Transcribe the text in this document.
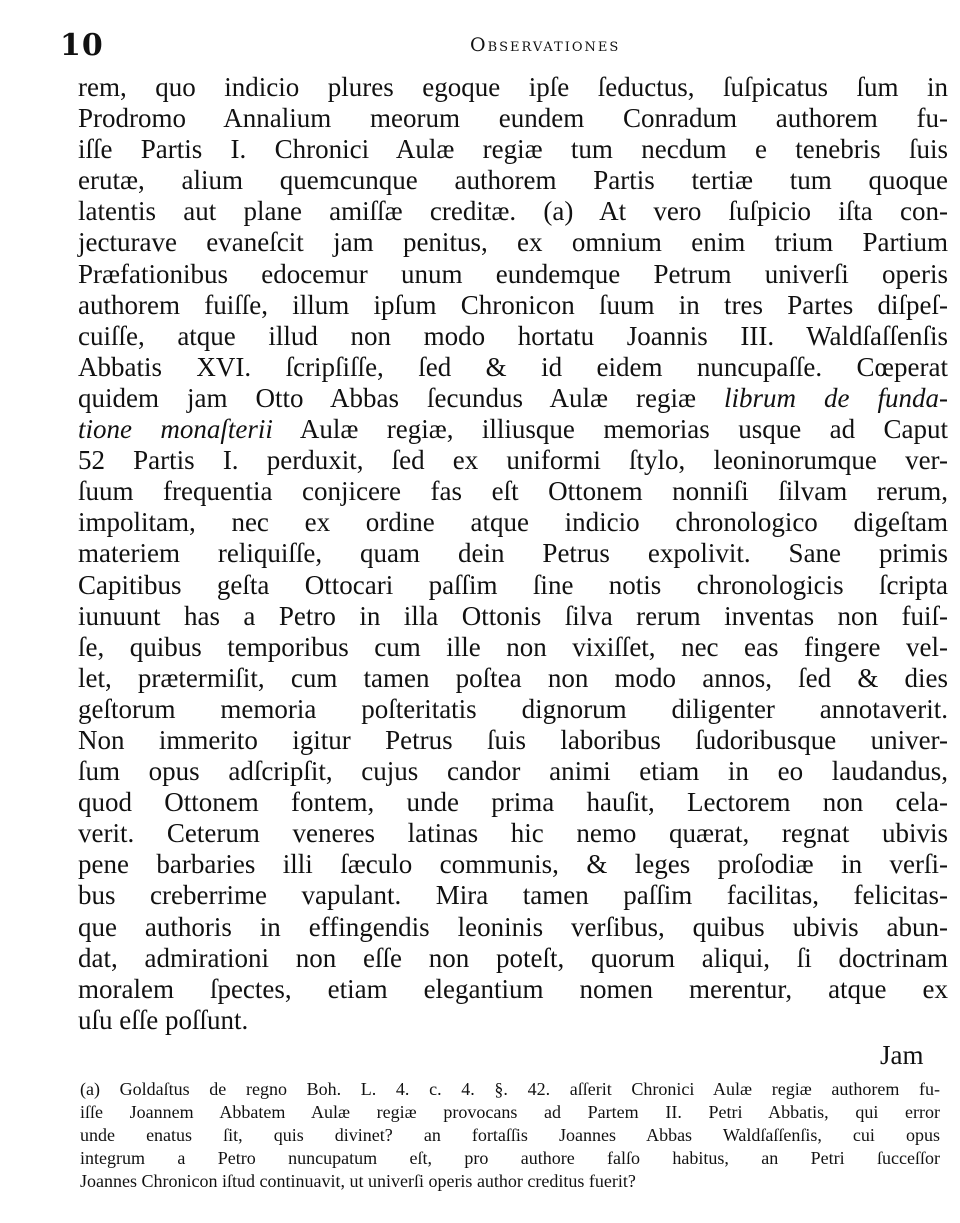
10	Observationes
rem, quo indicio plures egoque ipſe ſeductus, ſuſpicatus ſum in
Prodromo Annalium meorum eundem Conradum authorem fu-
iſſe Partis I. Chronici Aulæ regiæ tum necdum e tenebris ſuis
erutæ, alium quemcunque authorem Partis tertiæ tum quoque
latentis aut plane amiſſæ creditæ. (a) At vero ſuſpicio iſta con-
jecturave evaneſcit jam penitus, ex omnium enim trium Partium
Præfationibus edocemur unum eundemque Petrum univerſi operis
authorem fuiſſe, illum ipſum Chronicon ſuum in tres Partes diſpeſ-
cuiſſe, atque illud non modo hortatu Joannis III. Waldſaſſenſis
Abbatis XVI. ſcripſiſſe, ſed & id eidem nuncupaſſe. Cœperat
quidem jam Otto Abbas ſecundus Aulæ regiæ librum de funda-
tione monaſterii Aulæ regiæ, illiusque memorias usque ad Caput
52 Partis I. perduxit, ſed ex uniformi ſtylo, leoninorumque ver-
ſuum frequentia conjicere fas eſt Ottonem nonniſi ſilvam rerum,
impolitam, nec ex ordine atque indicio chronologico digeſtam
materiem reliquiſſe, quam dein Petrus expolivit. Sane primis
Capitibus geſta Ottocari paſſim ſine notis chronologicis ſcripta
iunuunt has a Petro in illa Ottonis ſilva rerum inventas non fuiſ-
ſe, quibus temporibus cum ille non vixiſſet, nec eas fingere vel-
let, prætermiſit, cum tamen poſtea non modo annos, ſed & dies
geſtorum memoria poſteritatis dignorum diligenter annotaverit.
Non immerito igitur Petrus ſuis laboribus ſudoribusque univer-
ſum opus adſcripſit, cujus candor animi etiam in eo laudandus,
quod Ottonem fontem, unde prima hauſit, Lectorem non cela-
verit. Ceterum veneres latinas hic nemo quærat, regnat ubivis
pene barbaries illi ſæculo communis, & leges proſodiæ in verſi-
bus creberrime vapulant. Mira tamen paſſim facilitas, felicitas-
que authoris in effingendis leoninis verſibus, quibus ubivis abun-
dat, admirationi non eſſe non poteſt, quorum aliqui, ſi doctrinam
moralem ſpectes, etiam elegantium nomen merentur, atque ex
uſu eſſe poſſunt.
Jam
(a) Goldaſtus de regno Boh. L. 4. c. 4. §. 42. aſſerit Chronici Aulæ regiæ authorem fu-
iſſe Joannem Abbatem Aulæ regiæ provocans ad Partem II. Petri Abbatis, qui error
unde enatus ſit, quis divinet? an fortaſſis Joannes Abbas Waldſaſſenſis, cui opus
integrum a Petro nuncupatum eſt, pro authore falſo habitus, an Petri ſucceſſor
Joannes Chronicon iſtud continuavit, ut univerſi operis author creditus fuerit?
